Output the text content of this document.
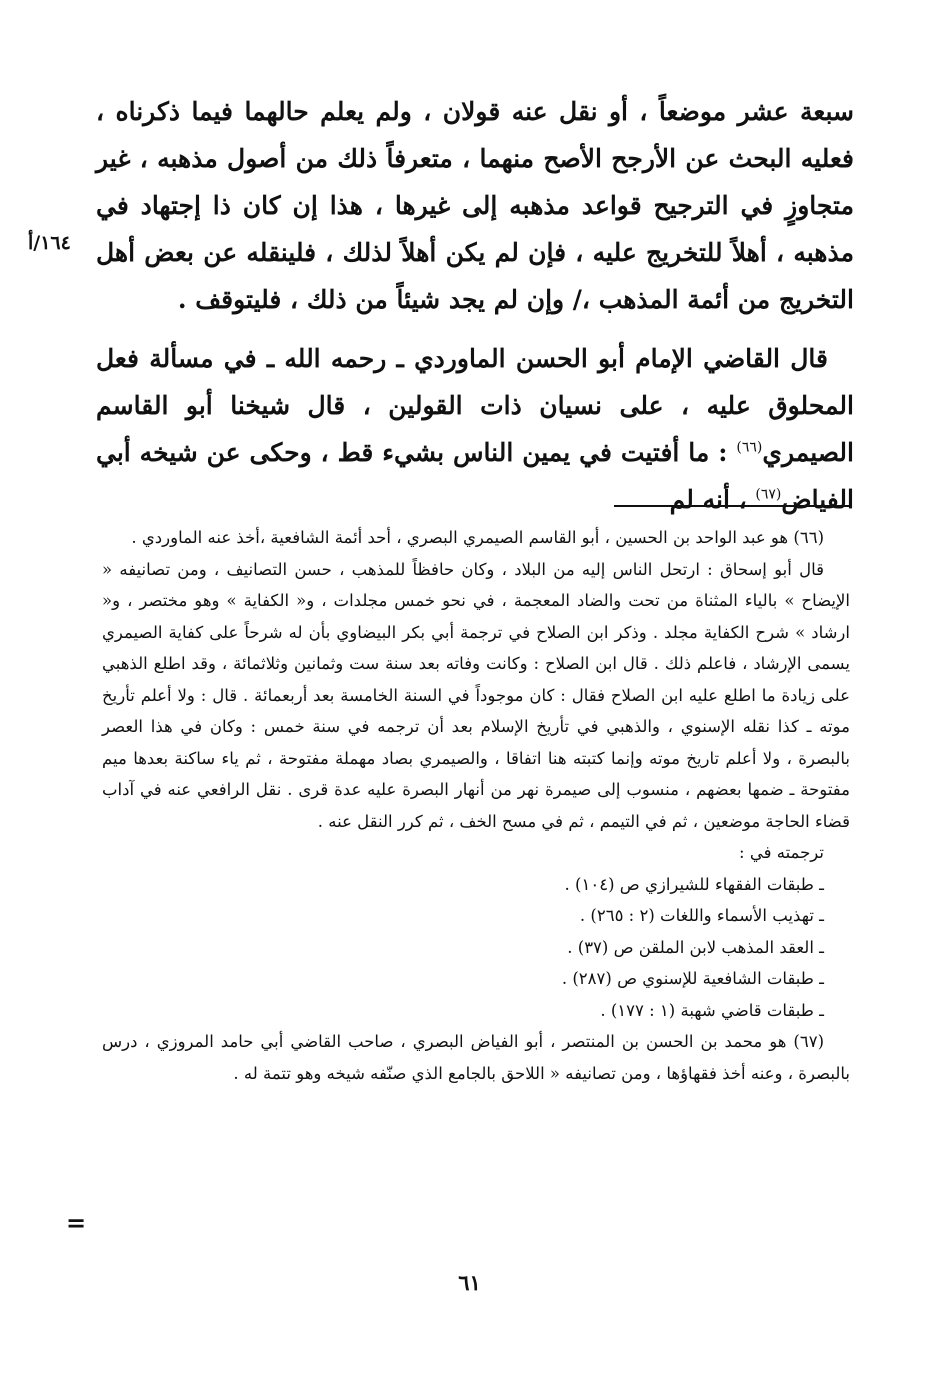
سبعة عشر موضعاً ، أو نقل عنه قولان ، ولم يعلم حالهما فيما ذكرناه ، فعليه البحث عن الأرجح الأصح منهما ، متعرفاً ذلك من أصول مذهبه ، غير متجاوزٍ في الترجيح قواعد مذهبه إلى غيرها ، هذا إن كان ذا إجتهاد في مذهبه ، أهلاً للتخريج عليه ، فإن لم يكن أهلاً لذلك ، فلينقله عن بعض أهل التخريج من أئمة المذهب ،/ وإن لم يجد شيئاً من ذلك ، فليتوقف .

قال القاضي الإمام أبو الحسن الماوردي ـ رحمه الله ـ في مسألة فعل المحلوق عليه ، على نسيان ذات القولين ، قال شيخنا أبو القاسم الصيمري$^{(٦٦)}$ : ما أفتيت في يمين الناس بشيء قط ، وحكى عن شيخه أبي الفياض$^{(٦٧)}$ ، أنه لم

١٦٤/أ

(٦٦) هو عبد الواحد بن الحسين ، أبو القاسم الصيمري البصري ، أحد أئمة الشافعية ،أخذ عنه الماوردي .

قال أبو إسحاق : ارتحل الناس إليه من البلاد ، وكان حافظاً للمذهب ، حسن التصانيف ، ومن تصانيفه « الإيضاح » بالياء المثناة من تحت والضاد المعجمة ، في نحو خمس مجلدات ، و« الكفاية » وهو مختصر ، و« ارشاد » شرح الكفاية مجلد . وذكر ابن الصلاح في ترجمة أبي بكر البيضاوي بأن له شرحاً على كفاية الصيمري يسمى الإرشاد ، فاعلم ذلك . قال ابن الصلاح : وكانت وفاته بعد سنة ست وثمانين وثلاثمائة ، وقد اطلع الذهبي على زيادة ما اطلع عليه ابن الصلاح فقال : كان موجوداً في السنة الخامسة بعد أربعمائة . قال : ولا أعلم تأريخ موته ـ كذا نقله الإسنوي ، والذهبي في تأريخ الإسلام بعد أن ترجمه في سنة خمس : وكان في هذا العصر بالبصرة ، ولا أعلم تاريخ موته وإنما كتبته هنا اتفاقا ، والصيمري بصاد مهملة مفتوحة ، ثم ياء ساكنة بعدها ميم مفتوحة ـ ضمها بعضهم ، منسوب إلى صيمرة نهر من أنهار البصرة عليه عدة قرى . نقل الرافعي عنه في آداب قضاء الحاجة موضعين ، ثم في التيمم ، ثم في مسح الخف ، ثم كرر النقل عنه .

ترجمته في :

ـ طبقات الفقهاء للشيرازي ص (١٠٤) .
ـ تهذيب الأسماء واللغات (٢ : ٢٦٥) .
ـ العقد المذهب لابن الملقن ص (٣٧) .
ـ طبقات الشافعية للإسنوي ص (٢٨٧) .
ـ طبقات قاضي شهبة (١ : ١٧٧) .

(٦٧) هو محمد بن الحسن بن المنتصر ، أبو الفياض البصري ، صاحب القاضي أبي حامد المروزي ، درس بالبصرة ، وعنه أخذ فقهاؤها ، ومن تصانيفه « اللاحق بالجامع الذي صنّفه شيخه وهو تتمة له .

=
٦١
